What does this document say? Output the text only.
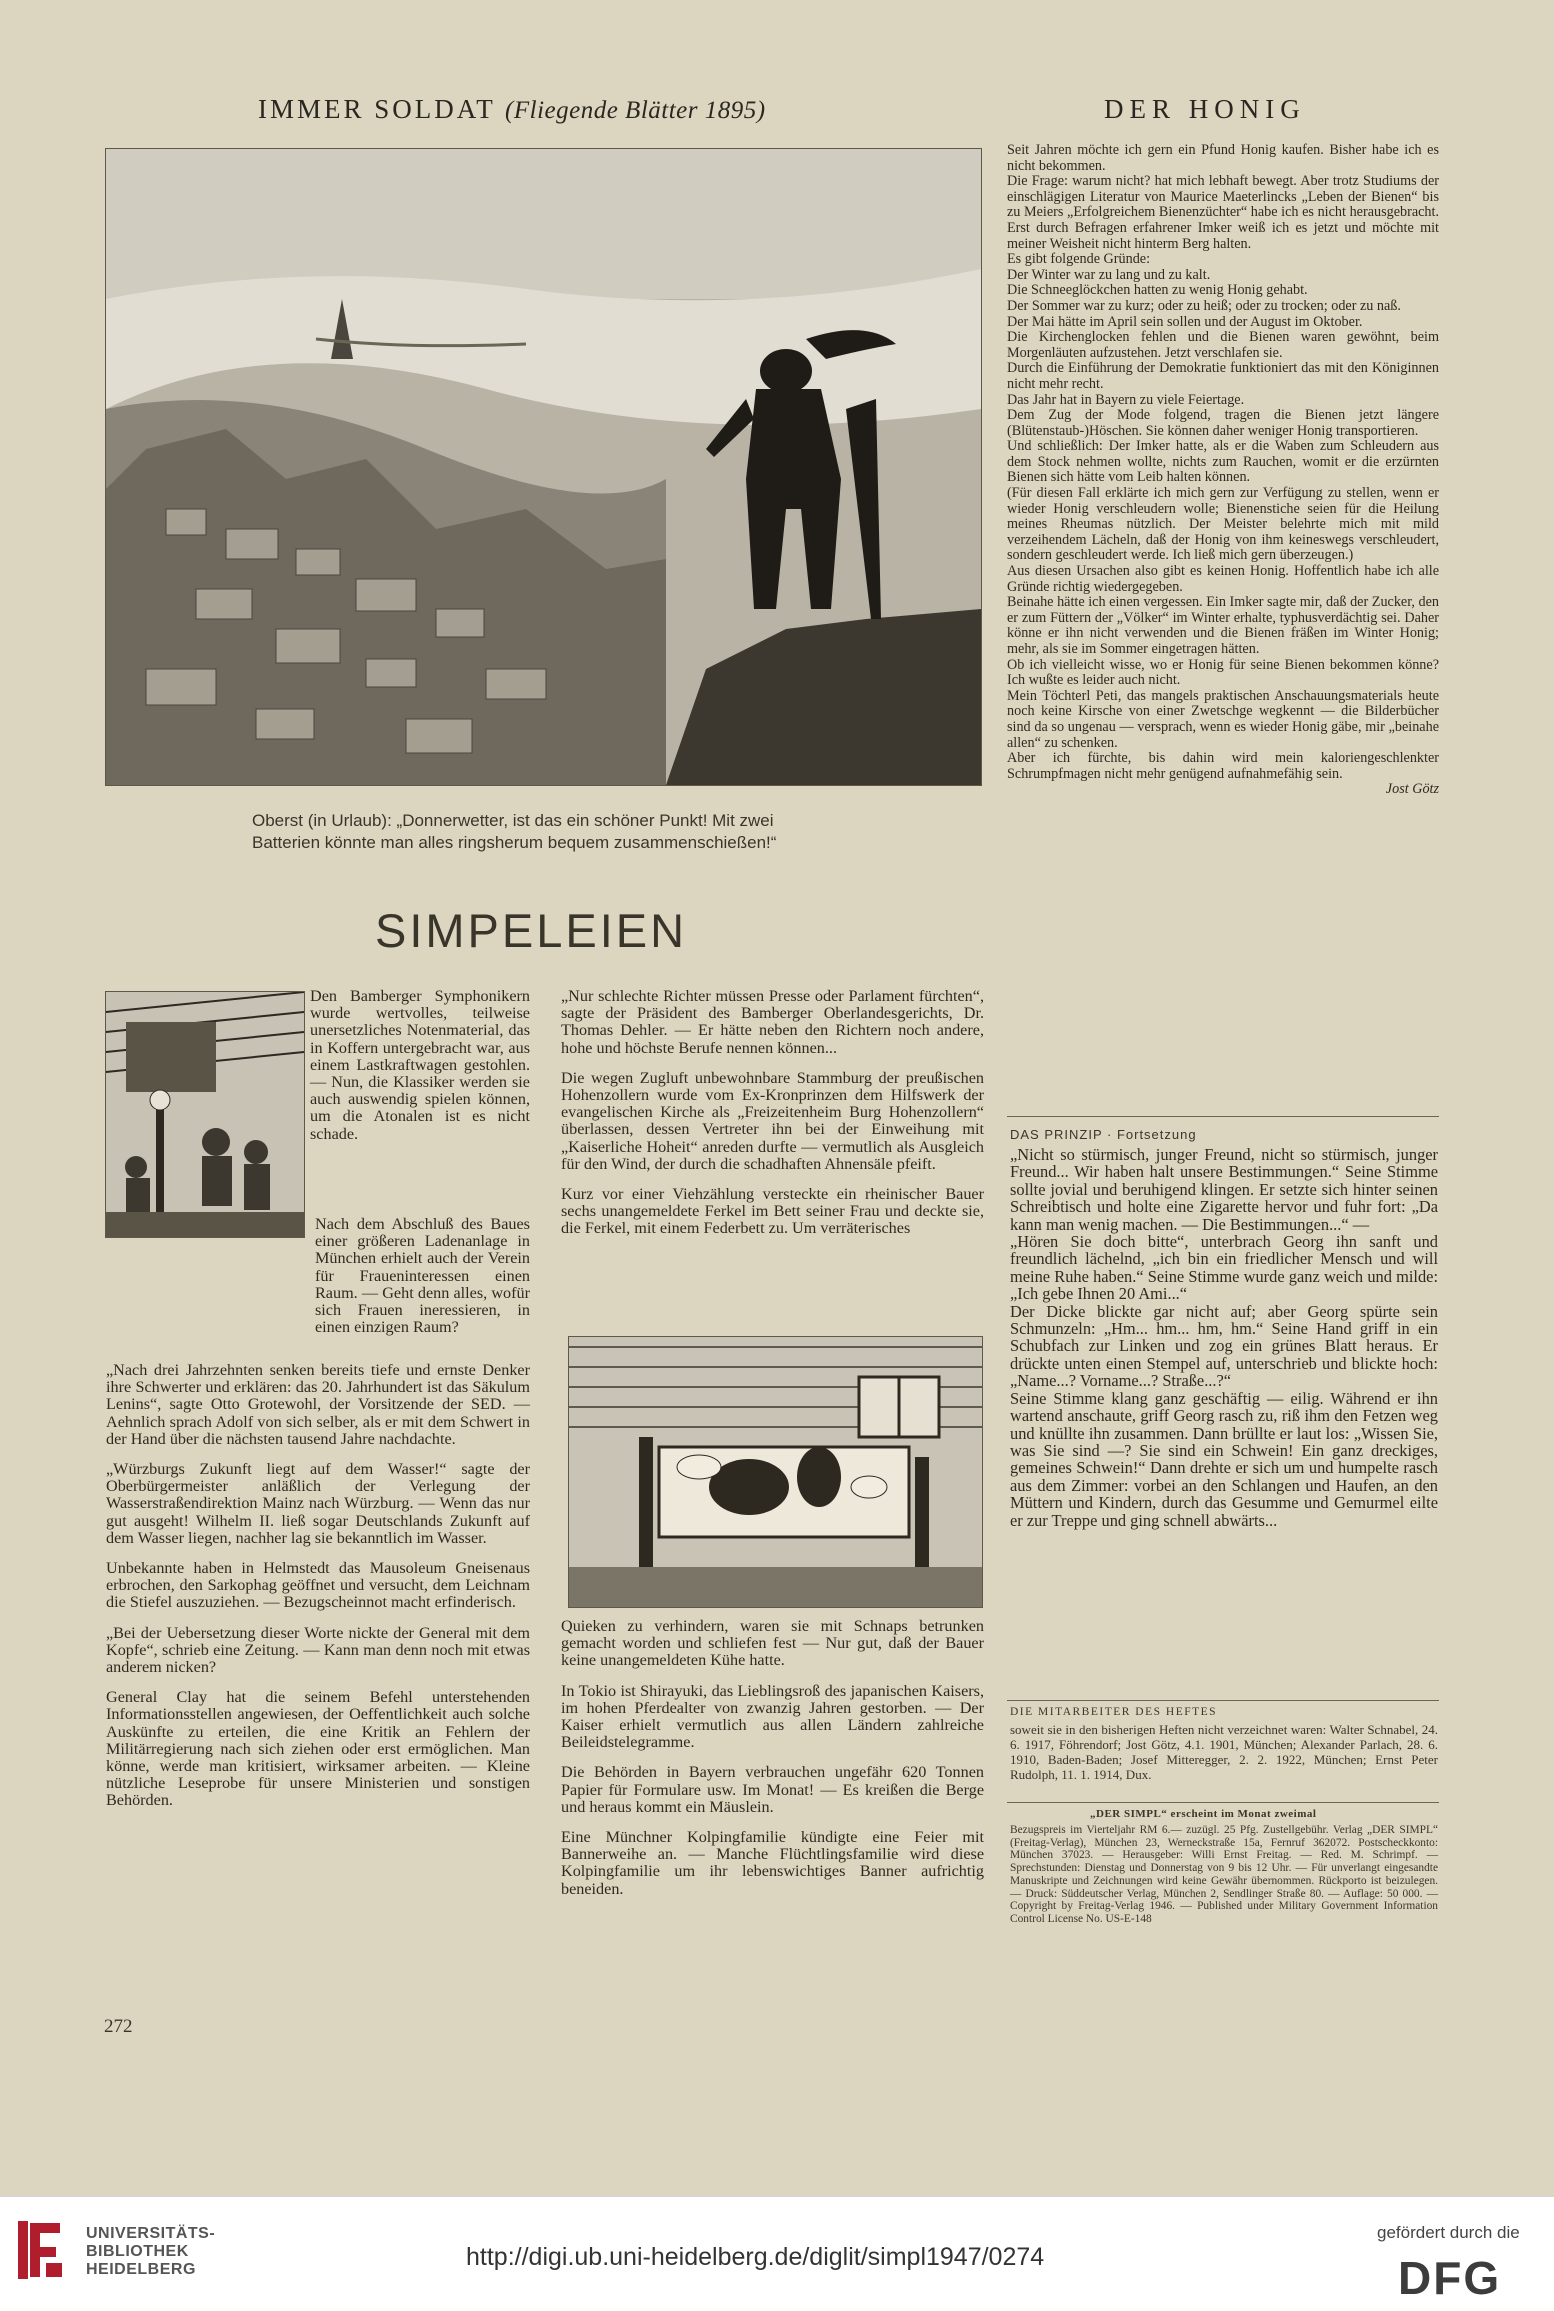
IMMER SOLDAT (Fliegende Blätter 1895)	DER HONIG
Oberst (in Urlaub): „Donnerwetter, ist das ein schöner Punkt! Mit zwei
Batterien könnte man alles ringsherum bequem zusammenschießen!“
SIMPELEIEN
Den Bamberger Symphonikern wurde wertvolles, teilweise unersetzliches Notenmaterial, das in Koffern untergebracht war, aus einem Lastkraftwagen gestohlen. — Nun, die Klassiker werden sie auch auswendig spielen können, um die Atonalen ist es nicht schade.
Nach dem Abschluß des Baues einer größeren Ladenanlage in München erhielt auch der Verein für Fraueninteressen einen Raum. — Geht denn alles, wofür sich Frauen ineressieren, in einen einzigen Raum?

„Nach drei Jahrzehnten senken bereits tiefe und ernste Denker ihre Schwerter und erklären: das 20. Jahrhundert ist das Säkulum Lenins“, sagte Otto Grotewohl, der Vorsitzende der SED. — Aehnlich sprach Adolf von sich selber, als er mit dem Schwert in der Hand über die nächsten tausend Jahre nachdachte.

„Würzburgs Zukunft liegt auf dem Wasser!“ sagte der Oberbürgermeister anläßlich der Verlegung der Wasserstraßendirektion Mainz nach Würzburg. — Wenn das nur gut ausgeht! Wilhelm II. ließ sogar Deutschlands Zukunft auf dem Wasser liegen, nachher lag sie bekanntlich im Wasser.

Unbekannte haben in Helmstedt das Mausoleum Gneisenaus erbrochen, den Sarkophag geöffnet und versucht, dem Leichnam die Stiefel auszuziehen. — Bezugscheinnot macht erfinderisch.

„Bei der Uebersetzung dieser Worte nickte der General mit dem Kopfe“, schrieb eine Zeitung. — Kann man denn noch mit etwas anderem nicken?

General Clay hat die seinem Befehl unterstehenden Informationsstellen angewiesen, der Oeffentlichkeit auch solche Auskünfte zu erteilen, die eine Kritik an Fehlern der Militärregierung nach sich ziehen oder erst ermöglichen. Man könne, werde man kritisiert, wirksamer arbeiten. — Kleine nützliche Leseprobe für unsere Ministerien und sonstigen Behörden.

„Nur schlechte Richter müssen Presse oder Parlament fürchten“, sagte der Präsident des Bamberger Oberlandesgerichts, Dr. Thomas Dehler. — Er hätte neben den Richtern noch andere, hohe und höchste Berufe nennen können...

Die wegen Zugluft unbewohnbare Stammburg der preußischen Hohenzollern wurde vom Ex-Kronprinzen dem Hilfswerk der evangelischen Kirche als „Freizeitenheim Burg Hohenzollern“ überlassen, dessen Vertreter ihn bei der Einweihung mit „Kaiserliche Hoheit“ anreden durfte — vermutlich als Ausgleich für den Wind, der durch die schadhaften Ahnensäle pfeift.

Kurz vor einer Viehzählung versteckte ein rheinischer Bauer sechs unangemeldete Ferkel im Bett seiner Frau und deckte sie, die Ferkel, mit einem Federbett zu. Um verräterisches

Quieken zu verhindern, waren sie mit Schnaps betrunken gemacht worden und schliefen fest — Nur gut, daß der Bauer keine unangemeldeten Kühe hatte.

In Tokio ist Shirayuki, das Lieblingsroß des japanischen Kaisers, im hohen Pferdealter von zwanzig Jahren gestorben. — Der Kaiser erhielt vermutlich aus allen Ländern zahlreiche Beileidstelegramme.

Die Behörden in Bayern verbrauchen ungefähr 620 Tonnen Papier für Formulare usw. Im Monat! — Es kreißen die Berge und heraus kommt ein Mäuslein.

Eine Münchner Kolpingfamilie kündigte eine Feier mit Bannerweihe an. — Manche Flüchtlingsfamilie wird diese Kolpingfamilie um ihr lebenswichtiges Banner aufrichtig beneiden.

Seit Jahren möchte ich gern ein Pfund Honig kaufen. Bisher habe ich es nicht bekommen.
Die Frage: warum nicht? hat mich lebhaft bewegt. Aber trotz Studiums der einschlägigen Literatur von Maurice Maeterlincks „Leben der Bienen“ bis zu Meiers „Erfolgreichem Bienenzüchter“ habe ich es nicht herausgebracht. Erst durch Befragen erfahrener Imker weiß ich es jetzt und möchte mit meiner Weisheit nicht hinterm Berg halten.
Es gibt folgende Gründe:
Der Winter war zu lang und zu kalt.
Die Schneeglöckchen hatten zu wenig Honig gehabt.
Der Sommer war zu kurz; oder zu heiß; oder zu trocken; oder zu naß.
Der Mai hätte im April sein sollen und der August im Oktober.
Die Kirchenglocken fehlen und die Bienen waren gewöhnt, beim Morgenläuten aufzustehen. Jetzt verschlafen sie.
Durch die Einführung der Demokratie funktioniert das mit den Königinnen nicht mehr recht.
Das Jahr hat in Bayern zu viele Feiertage.
Dem Zug der Mode folgend, tragen die Bienen jetzt längere (Blütenstaub-)Höschen. Sie können daher weniger Honig transportieren.
Und schließlich: Der Imker hatte, als er die Waben zum Schleudern aus dem Stock nehmen wollte, nichts zum Rauchen, womit er die erzürnten Bienen sich hätte vom Leib halten können.
(Für diesen Fall erklärte ich mich gern zur Verfügung zu stellen, wenn er wieder Honig verschleudern wolle; Bienenstiche seien für die Heilung meines Rheumas nützlich. Der Meister belehrte mich mit mild verzeihendem Lächeln, daß der Honig von ihm keineswegs verschleudert, sondern geschleudert werde. Ich ließ mich gern überzeugen.)
Aus diesen Ursachen also gibt es keinen Honig. Hoffentlich habe ich alle Gründe richtig wiedergegeben.
Beinahe hätte ich einen vergessen. Ein Imker sagte mir, daß der Zucker, den er zum Füttern der „Völker“ im Winter erhalte, typhusverdächtig sei. Daher könne er ihn nicht verwenden und die Bienen fräßen im Winter Honig; mehr, als sie im Sommer eingetragen hätten.
Ob ich vielleicht wisse, wo er Honig für seine Bienen bekommen könne? Ich wußte es leider auch nicht.
Mein Töchterl Peti, das mangels praktischen Anschauungsmaterials heute noch keine Kirsche von einer Zwetschge wegkennt — die Bilderbücher sind da so ungenau — versprach, wenn es wieder Honig gäbe, mir „beinahe allen“ zu schenken.
Aber ich fürchte, bis dahin wird mein kaloriengeschlenkter Schrumpfmagen nicht mehr genügend aufnahmefähig sein.
Jost Götz
DAS PRINZIP · Fortsetzung
„Nicht so stürmisch, junger Freund, nicht so stürmisch, junger Freund... Wir haben halt unsere Bestimmungen.“ Seine Stimme sollte jovial und beruhigend klingen. Er setzte sich hinter seinen Schreibtisch und holte eine Zigarette hervor und fuhr fort: „Da kann man wenig machen. — Die Bestimmungen...“ —
„Hören Sie doch bitte“, unterbrach Georg ihn sanft und freundlich lächelnd, „ich bin ein friedlicher Mensch und will meine Ruhe haben.“ Seine Stimme wurde ganz weich und milde: „Ich gebe Ihnen 20 Ami...“
Der Dicke blickte gar nicht auf; aber Georg spürte sein Schmunzeln: „Hm... hm... hm, hm.“ Seine Hand griff in ein Schubfach zur Linken und zog ein grünes Blatt heraus. Er drückte unten einen Stempel auf, unterschrieb und blickte hoch: „Name...? Vorname...? Straße...?“
Seine Stimme klang ganz geschäftig — eilig. Während er ihn wartend anschaute, griff Georg rasch zu, riß ihm den Fetzen weg und knüllte ihn zusammen. Dann brüllte er laut los: „Wissen Sie, was Sie sind —? Sie sind ein Schwein! Ein ganz dreckiges, gemeines Schwein!“ Dann drehte er sich um und humpelte rasch aus dem Zimmer: vorbei an den Schlangen und Haufen, an den Müttern und Kindern, durch das Gesumme und Gemurmel eilte er zur Treppe und ging schnell abwärts...
DIE MITARBEITER DES HEFTES
soweit sie in den bisherigen Heften nicht verzeichnet waren: Walter Schnabel, 24. 6. 1917, Föhrendorf; Jost Götz, 4.1. 1901, München; Alexander Parlach, 28. 6. 1910, Baden-Baden; Josef Mitteregger, 2. 2. 1922, München; Ernst Peter Rudolph, 11. 1. 1914, Dux.
„DER SIMPL“ erscheint im Monat zweimal
Bezugspreis im Vierteljahr RM 6.— zuzügl. 25 Pfg. Zustellgebühr. Verlag „DER SIMPL“ (Freitag-Verlag), München 23, Werneckstraße 15a, Fernruf 362072. Postscheckkonto: München 37023. — Herausgeber: Willi Ernst Freitag. — Red. M. Schrimpf. — Sprechstunden: Dienstag und Donnerstag von 9 bis 12 Uhr. — Für unverlangt eingesandte Manuskripte und Zeichnungen wird keine Gewähr übernommen. Rückporto ist beizulegen. — Druck: Süddeutscher Verlag, München 2, Sendlinger Straße 80. — Auflage: 50 000. — Copyright by Freitag-Verlag 1946. — Published under Military Government Information Control License No. US-E-148
272
UNIVERSITÄTS-
BIBLIOTHEK
HEIDELBERG	http://digi.ub.uni-heidelberg.de/diglit/simpl1947/0274
gefördert durch die
DFG
